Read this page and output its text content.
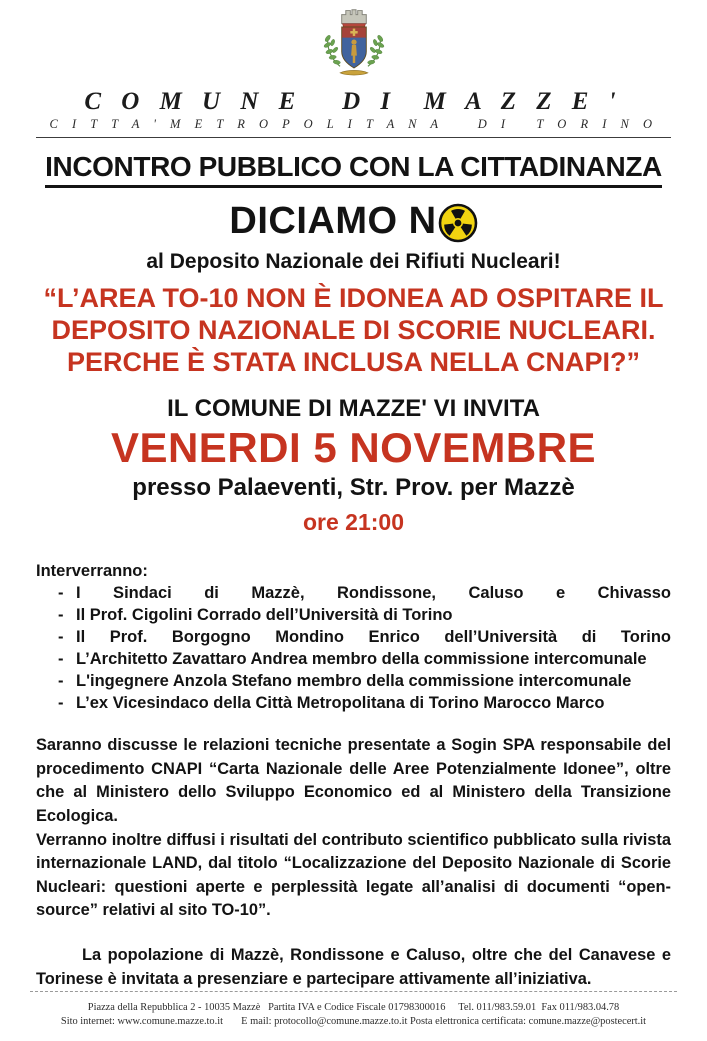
C O M U N E   D I  M A Z Z E '
C I T T A ' M E T R O P O L I T A N A    D I   T O R I N O
INCONTRO PUBBLICO CON LA CITTADINANZA
DICIAMO N
al Deposito Nazionale dei Rifiuti Nucleari!
“L’AREA TO-10 NON È IDONEA AD OSPITARE IL
DEPOSITO NAZIONALE DI SCORIE NUCLEARI.
PERCHE È STATA INCLUSA NELLA CNAPI?”
IL COMUNE DI MAZZE' VI INVITA
VENERDI 5 NOVEMBRE
presso Palaeventi, Str. Prov. per Mazzè
ore 21:00
Interverranno:
- I Sindaci di Mazzè, Rondissone, Caluso e Chivasso
- Il Prof. Cigolini Corrado dell’Università di Torino
- Il Prof. Borgogno Mondino Enrico dell’Università di Torino
- L’Architetto Zavattaro Andrea membro della commissione intercomunale
- L'ingegnere Anzola Stefano membro della commissione intercomunale
- L’ex Vicesindaco della Città Metropolitana di Torino Marocco Marco

Saranno discusse le relazioni tecniche presentate a Sogin SPA responsabile del procedimento CNAPI “Carta Nazionale delle Aree Potenzialmente Idonee”, oltre che al Ministero dello Sviluppo Economico ed al Ministero della Transizione Ecologica.

Verranno inoltre diffusi i risultati del contributo scientifico pubblicato sulla rivista internazionale LAND, dal titolo “Localizzazione del Deposito Nazionale di Scorie Nucleari: questioni aperte e perplessità legate all’analisi di documenti “open-source” relativi al sito TO-10”.

La popolazione di Mazzè, Rondissone e Caluso, oltre che del Canavese e Torinese è invitata a presenziare e partecipare attivamente all’iniziativa.

Piazza della Repubblica 2 - 10035 Mazzè   Partita IVA e Codice Fiscale 01798300016     Tel. 011/983.59.01  Fax 011/983.04.78
Sito internet: www.comune.mazze.to.it       E mail: protocollo@comune.mazze.to.it Posta elettronica certificata: comune.mazze@postecert.it
